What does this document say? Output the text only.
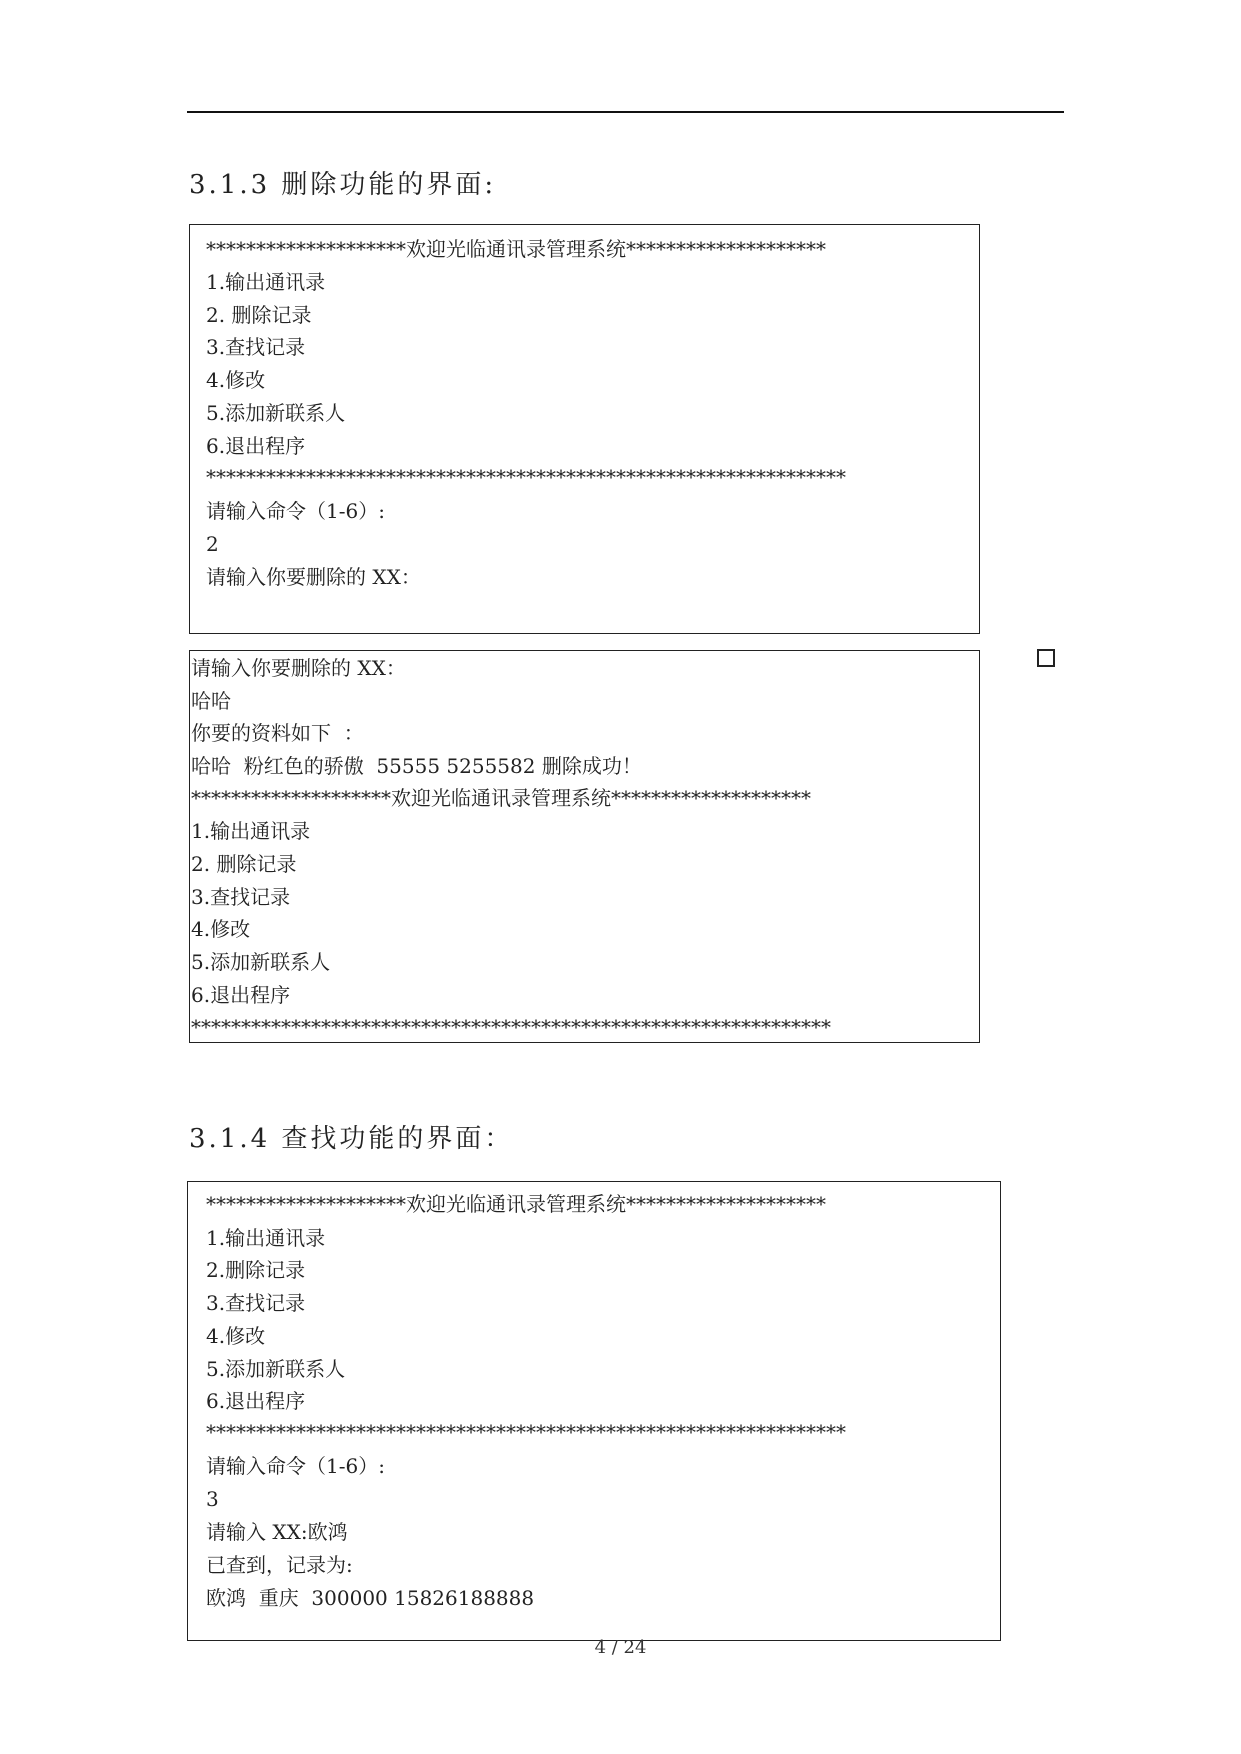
3.1.3 删除功能的界面:
********************欢迎光临通讯录管理系统********************
1.输出通讯录
2. 删除记录
3.查找记录
4.修改
5.添加新联系人
6.退出程序
****************************************************************
请输入命令（1-6）:
2
请输入你要删除的 XX：
请输入你要删除的 XX：
哈哈
你要的资料如下  ：
哈哈  粉红色的骄傲  55555 5255582 删除成功！
********************欢迎光临通讯录管理系统********************
1.输出通讯录
2. 删除记录
3.查找记录
4.修改
5.添加新联系人
6.退出程序
****************************************************************
3.1.4 查找功能的界面：
********************欢迎光临通讯录管理系统********************
1.输出通讯录
2.删除记录
3.查找记录
4.修改
5.添加新联系人
6.退出程序
****************************************************************
请输入命令（1-6）:
3
请输入 XX:欧鸿
已查到，记录为:
欧鸿  重庆  300000 15826188888
4 / 24
